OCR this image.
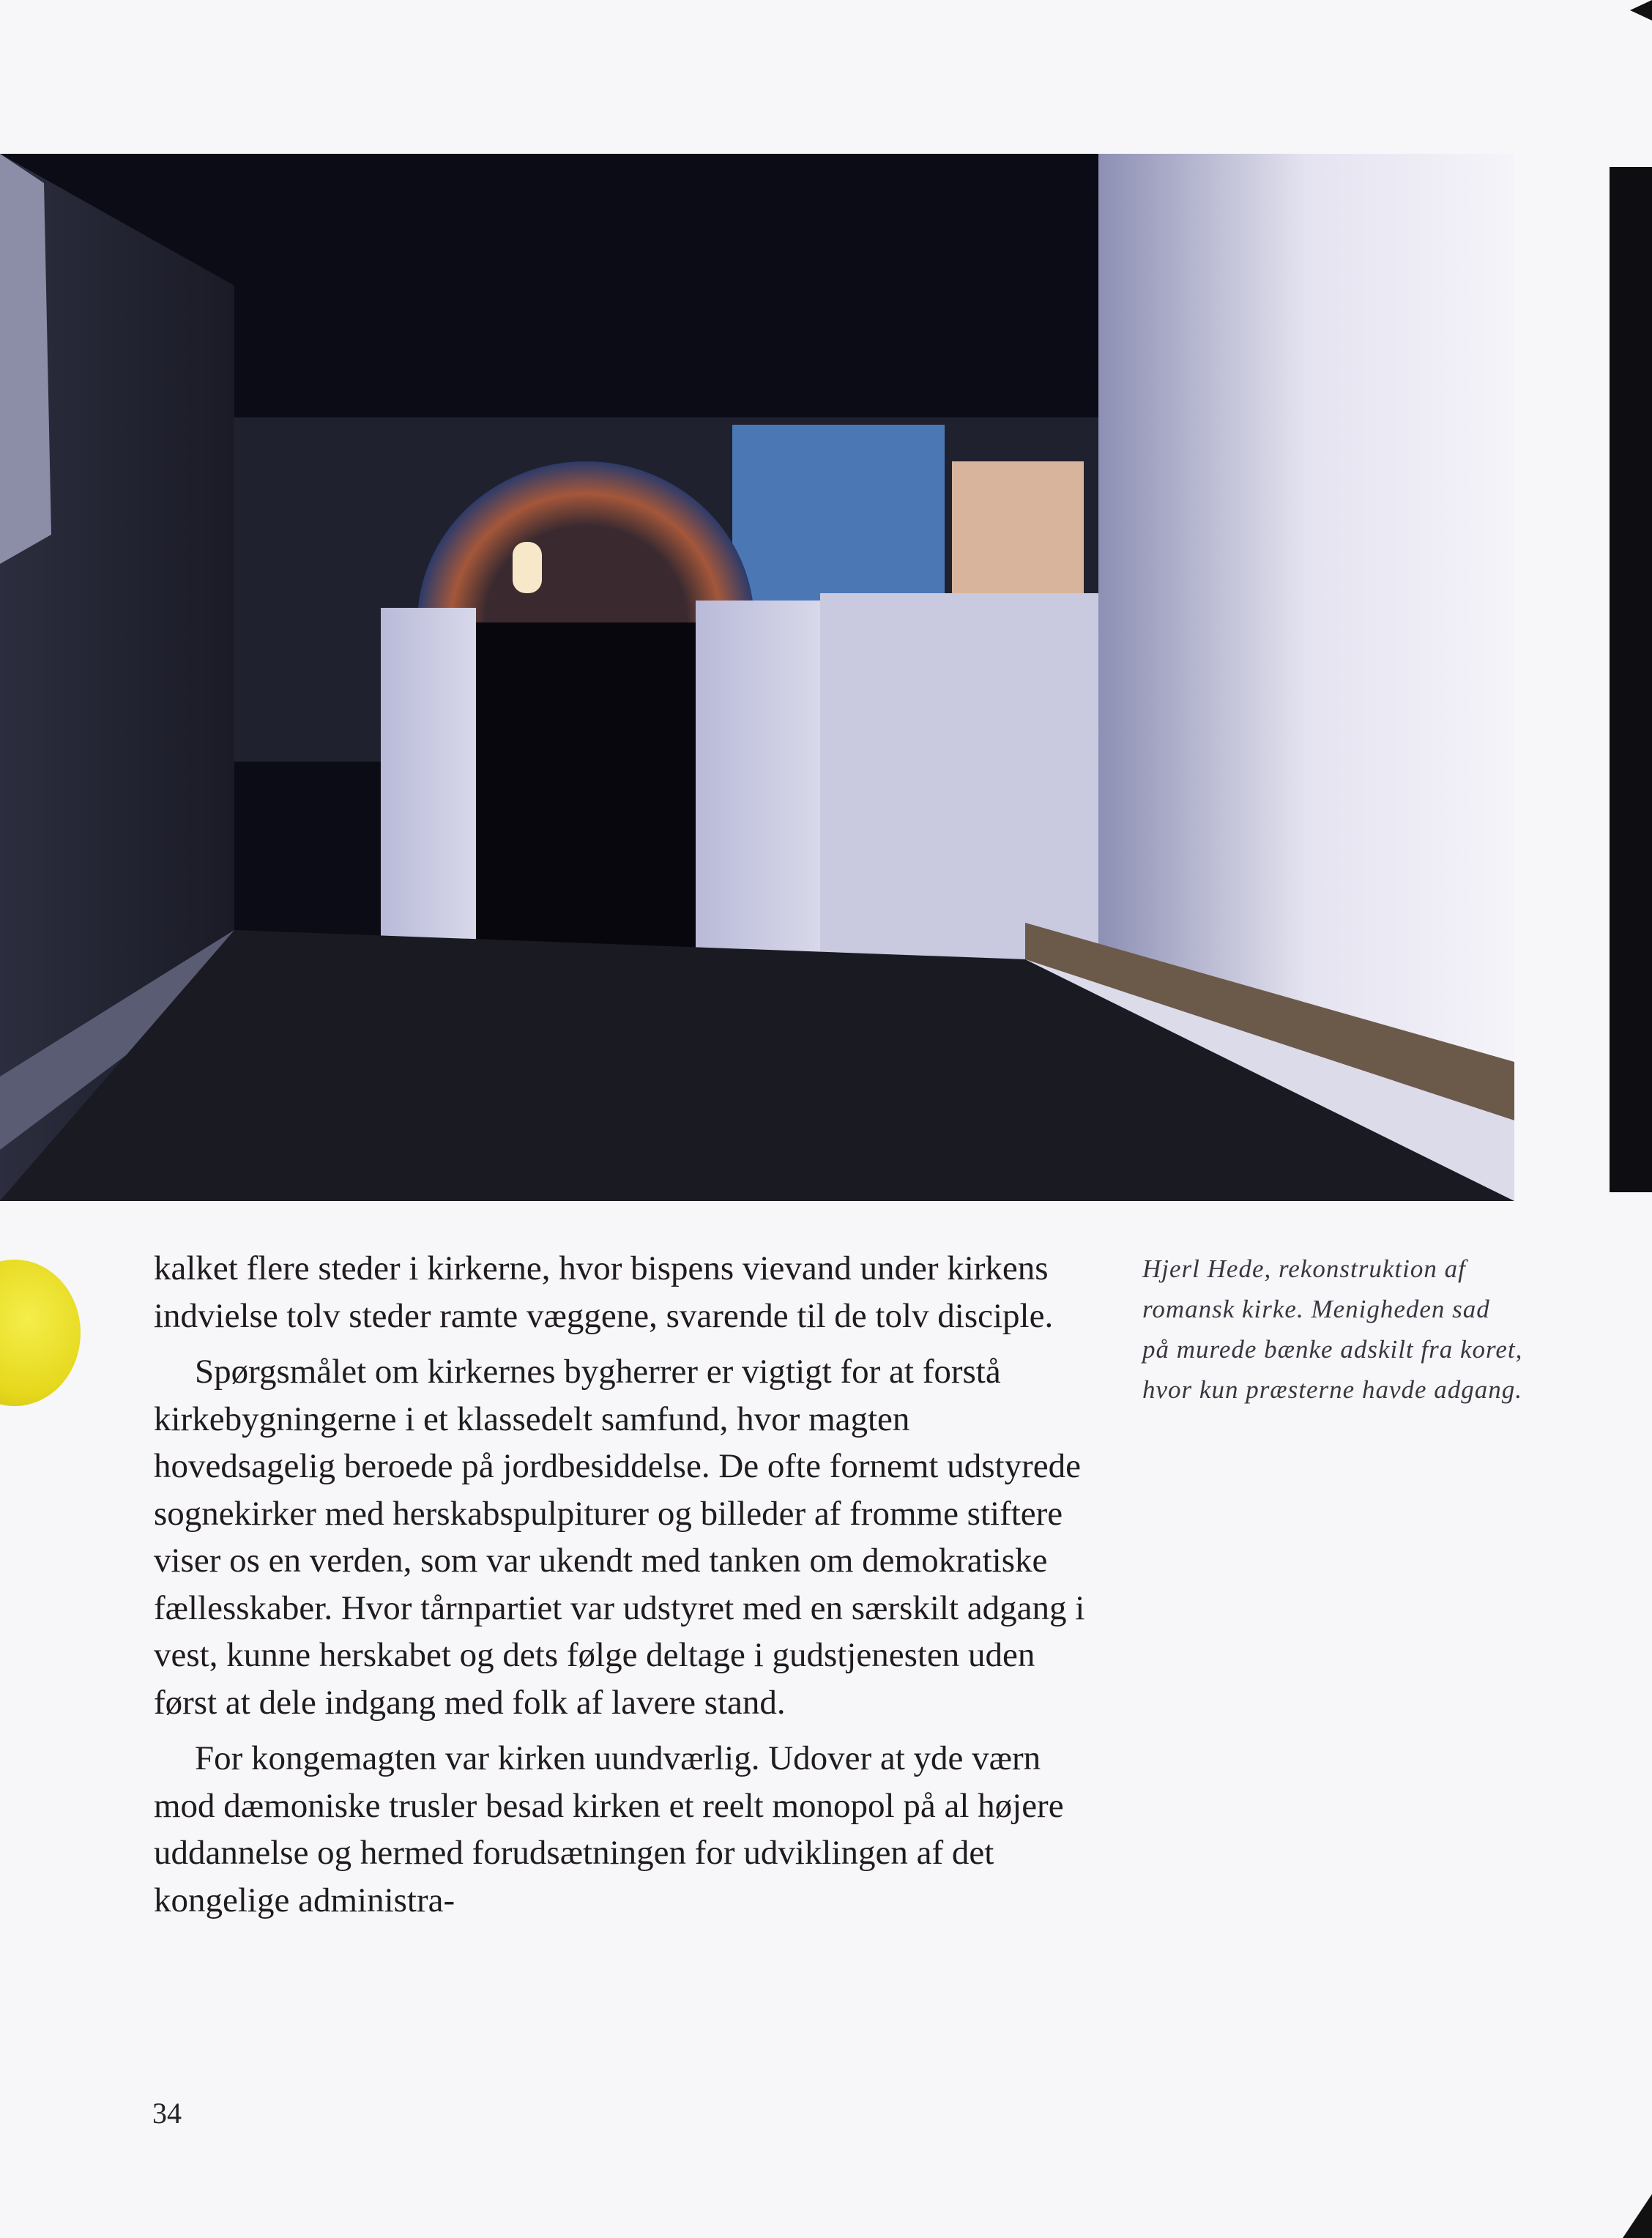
kalket flere steder i kirkerne, hvor bispens vievand under kirkens indvielse tolv steder ramte væggene, svarende til de tolv disciple.

Spørgsmålet om kirkernes bygherrer er vigtigt for at forstå kirkebygningerne i et klassedelt samfund, hvor magten hovedsagelig beroede på jordbesiddelse. De ofte fornemt udstyrede sognekirker med herskabspulpiturer og billeder af fromme stiftere viser os en verden, som var ukendt med tanken om demokratiske fællesskaber. Hvor tårnpartiet var udstyret med en særskilt adgang i vest, kunne herskabet og dets følge deltage i gudstjenesten uden først at dele indgang med folk af lavere stand.

For kongemagten var kirken uundværlig. Udover at yde værn mod dæmoniske trusler besad kirken et reelt monopol på al højere uddannelse og hermed forudsætningen for udviklingen af det kongelige administra-

Hjerl Hede, rekonstruktion af romansk kirke. Menigheden sad på murede bænke adskilt fra koret, hvor kun præsterne havde adgang.
34
